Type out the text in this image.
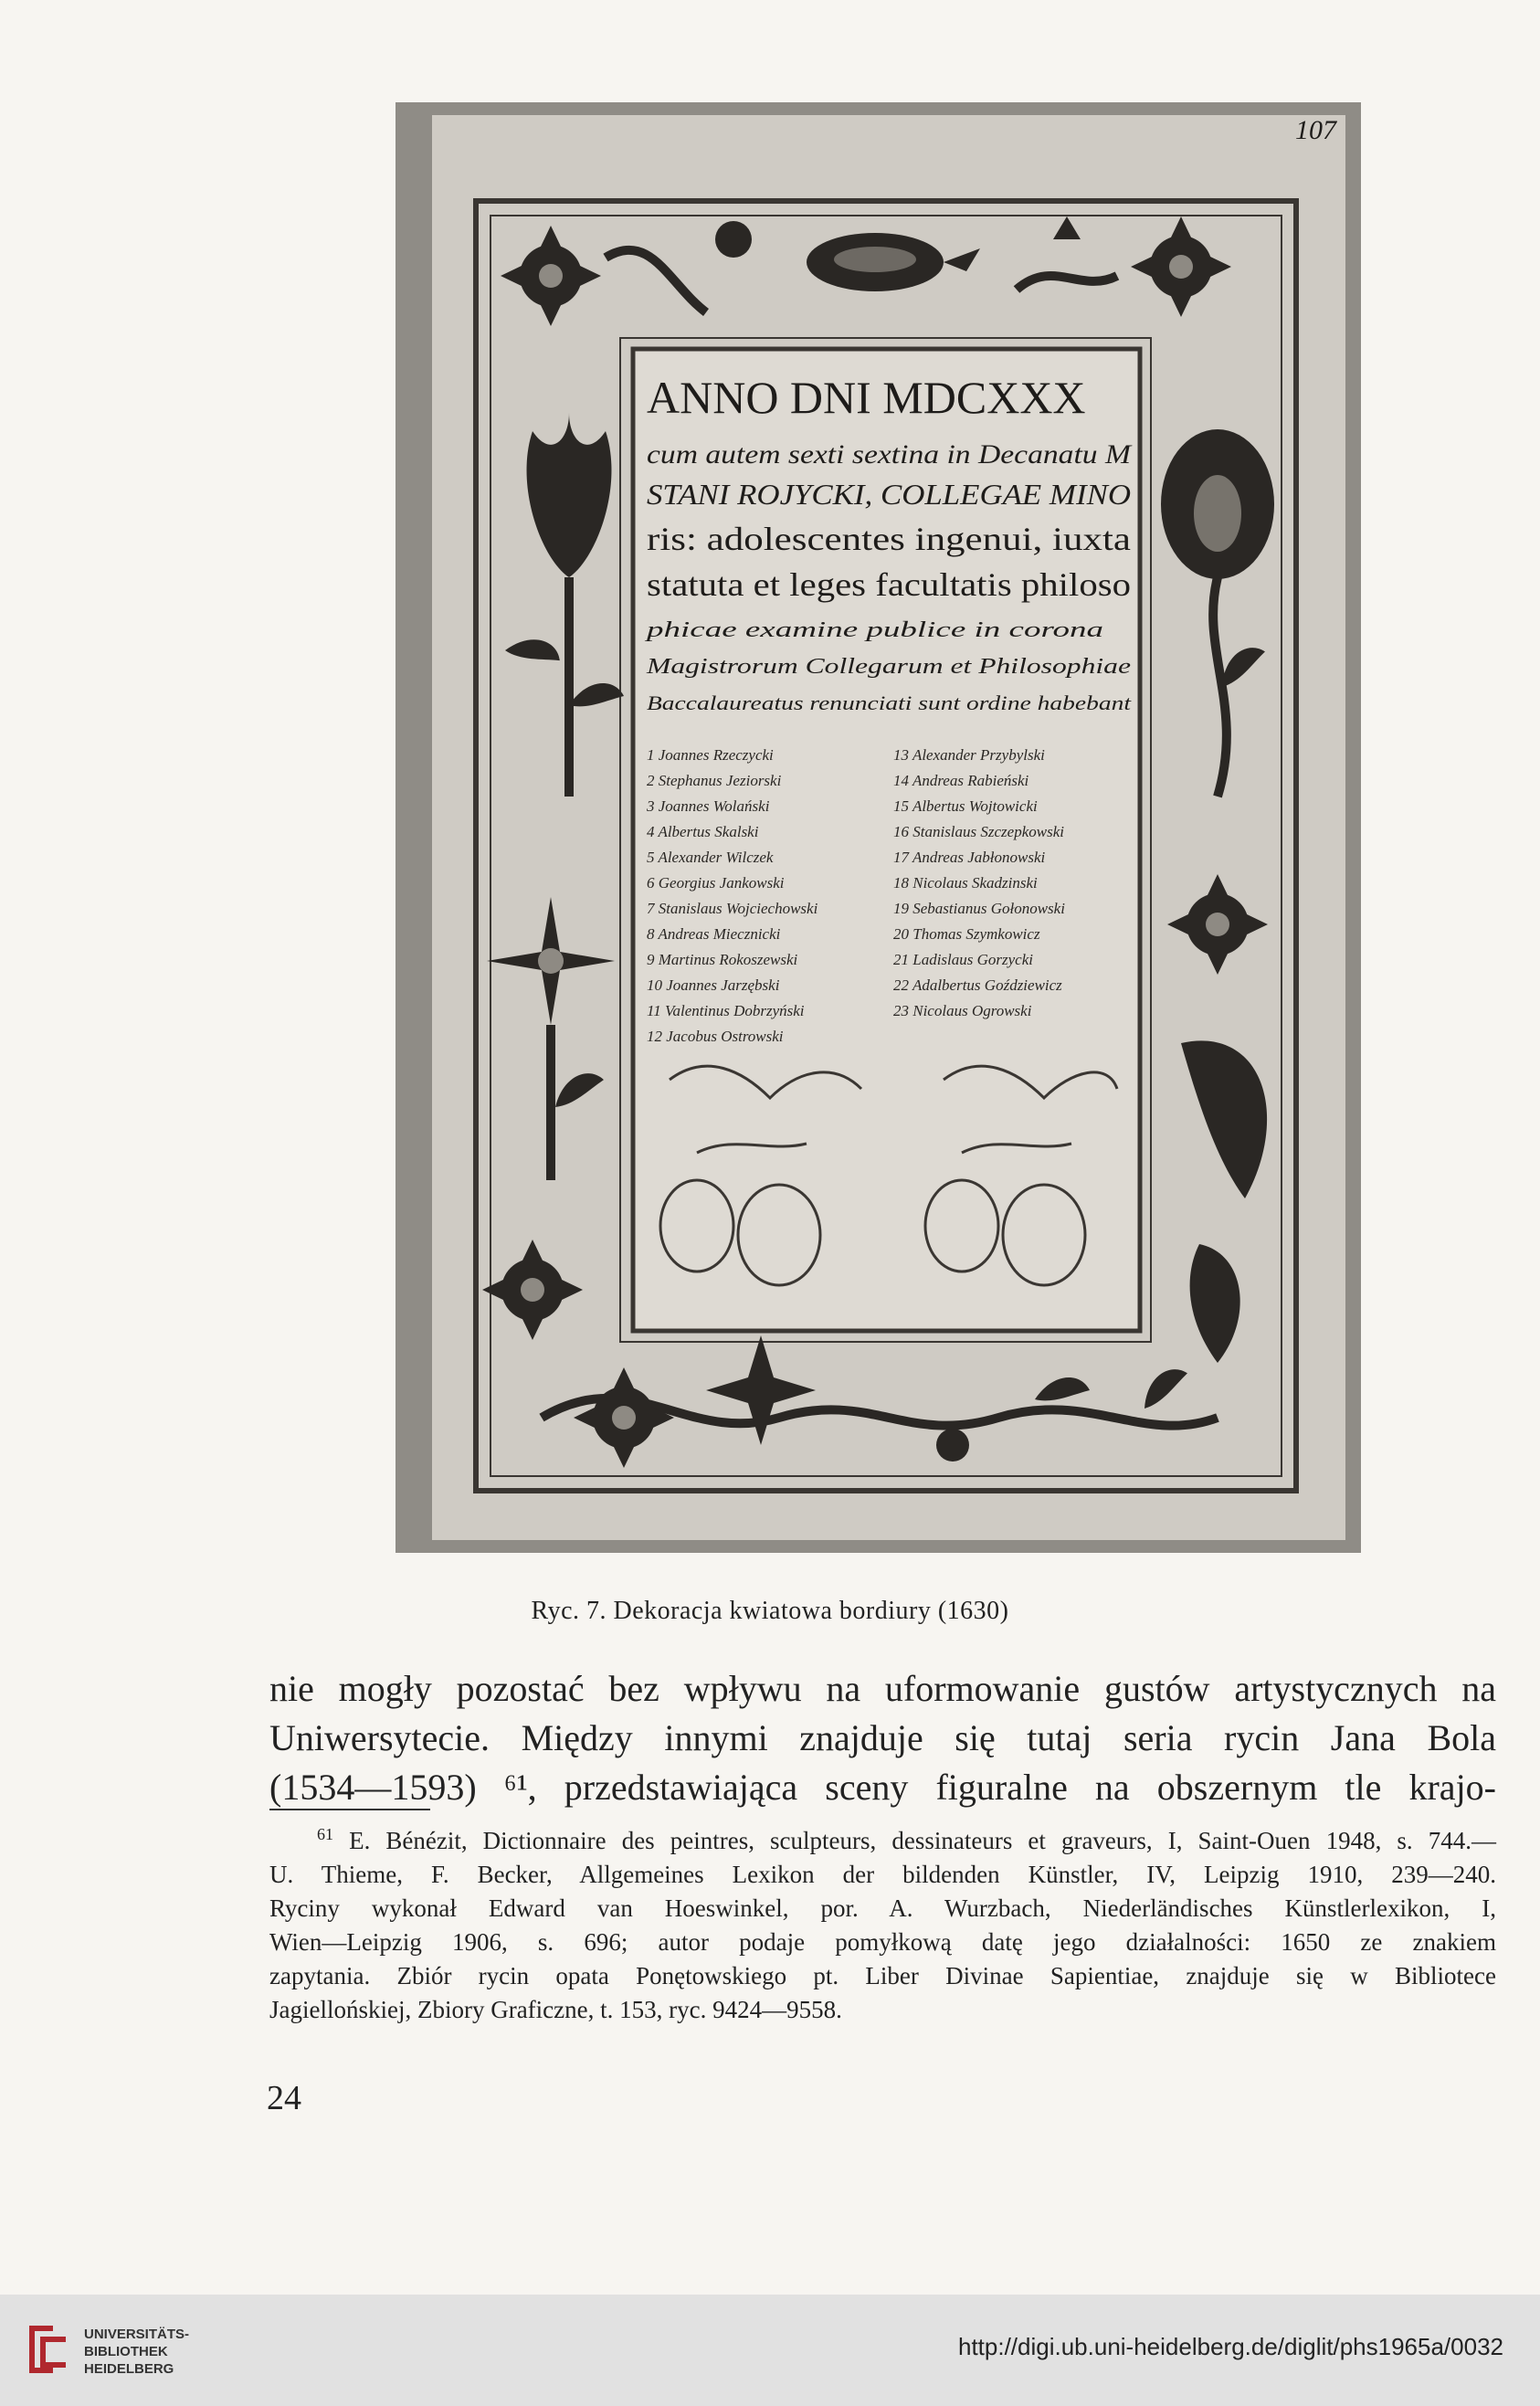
ANNO DNI MDCXXX
cum autem sexti sextina in Decanatu M
STANI ROJYCKI, COLLEGAE MINO
ris: adolescentes ingenui, iuxta
statuta et leges facultatis philoso
phicae examine publice in corona
Magistrorum Collegarum et Philosophiae
Baccalaureatus renunciati sunt ordine habebant
1 Joannes Rzeczycki
2 Stephanus Jeziorski
3 Joannes Wolański
4 Albertus Skalski
5 Alexander Wilczek
6 Georgius Jankowski
7 Stanislaus Wojciechowski
8 Andreas Miecznicki
9 Martinus Rokoszewski
10 Joannes Jarzębski
11 Valentinus Dobrzyński
12 Jacobus Ostrowski
13 Alexander Przybylski
14 Andreas Rabieński
15 Albertus Wojtowicki
16 Stanislaus Szczepkowski
17 Andreas Jabłonowski
18 Nicolaus Skadzinski
19 Sebastianus Gołonowski
20 Thomas Szymkowicz
21 Ladislaus Gorzycki
22 Adalbertus Goździewicz
23 Nicolaus Ogrowski
107
Ryc. 7. Dekoracja kwiatowa bordiury (1630)
nie mogły pozostać bez wpływu na uformowanie gustów artystycznych na
Uniwersytecie. Między innymi znajduje się tutaj seria rycin Jana Bola
(1534—1593) ⁶¹, przedstawiająca sceny figuralne na obszernym tle krajo-
$^{61}$ E. Bénézit, Dictionnaire des peintres, sculpteurs, dessinateurs et graveurs, I, Saint-Ouen 1948, s. 744.—
U. Thieme, F. Becker, Allgemeines Lexikon der bildenden Künstler, IV, Leipzig 1910, 239—240.
Ryciny wykonał Edward van Hoeswinkel, por. A. Wurzbach, Niederländisches Künstlerlexikon, I,
Wien—Leipzig 1906, s. 696; autor podaje pomyłkową datę jego działalności: 1650 ze znakiem
zapytania. Zbiór rycin opata Ponętowskiego pt. Liber Divinae Sapientiae, znajduje się w Bibliotece
Jagiellońskiej, Zbiory Graficzne, t. 153, ryc. 9424—9558.
24
UNIVERSITÄTS-
BIBLIOTHEK
HEIDELBERG
http://digi.ub.uni-heidelberg.de/diglit/phs1965a/0032
